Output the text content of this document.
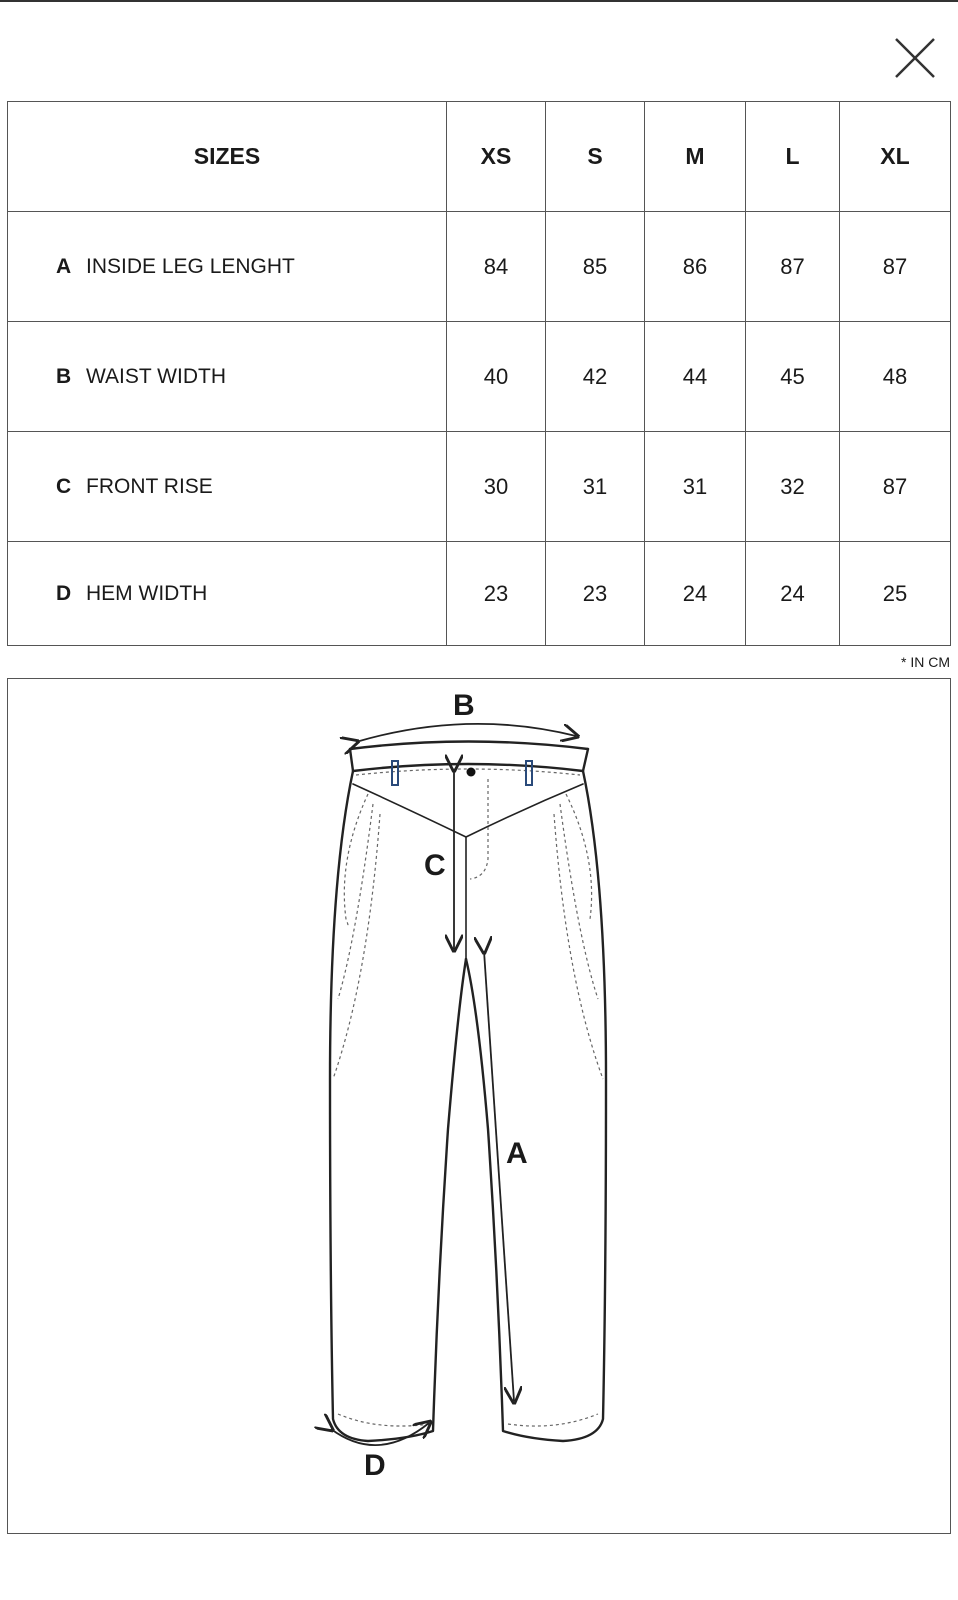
SIZES	XS	S	M	L	XL
A INSIDE LEG LENGHT	84	85	86	87	87
B WAIST WIDTH	40	42	44	45	48
C FRONT RISE	30	31	31	32	87
D HEM WIDTH	23	23	24	24	25
* IN CM
B
C
A
D
